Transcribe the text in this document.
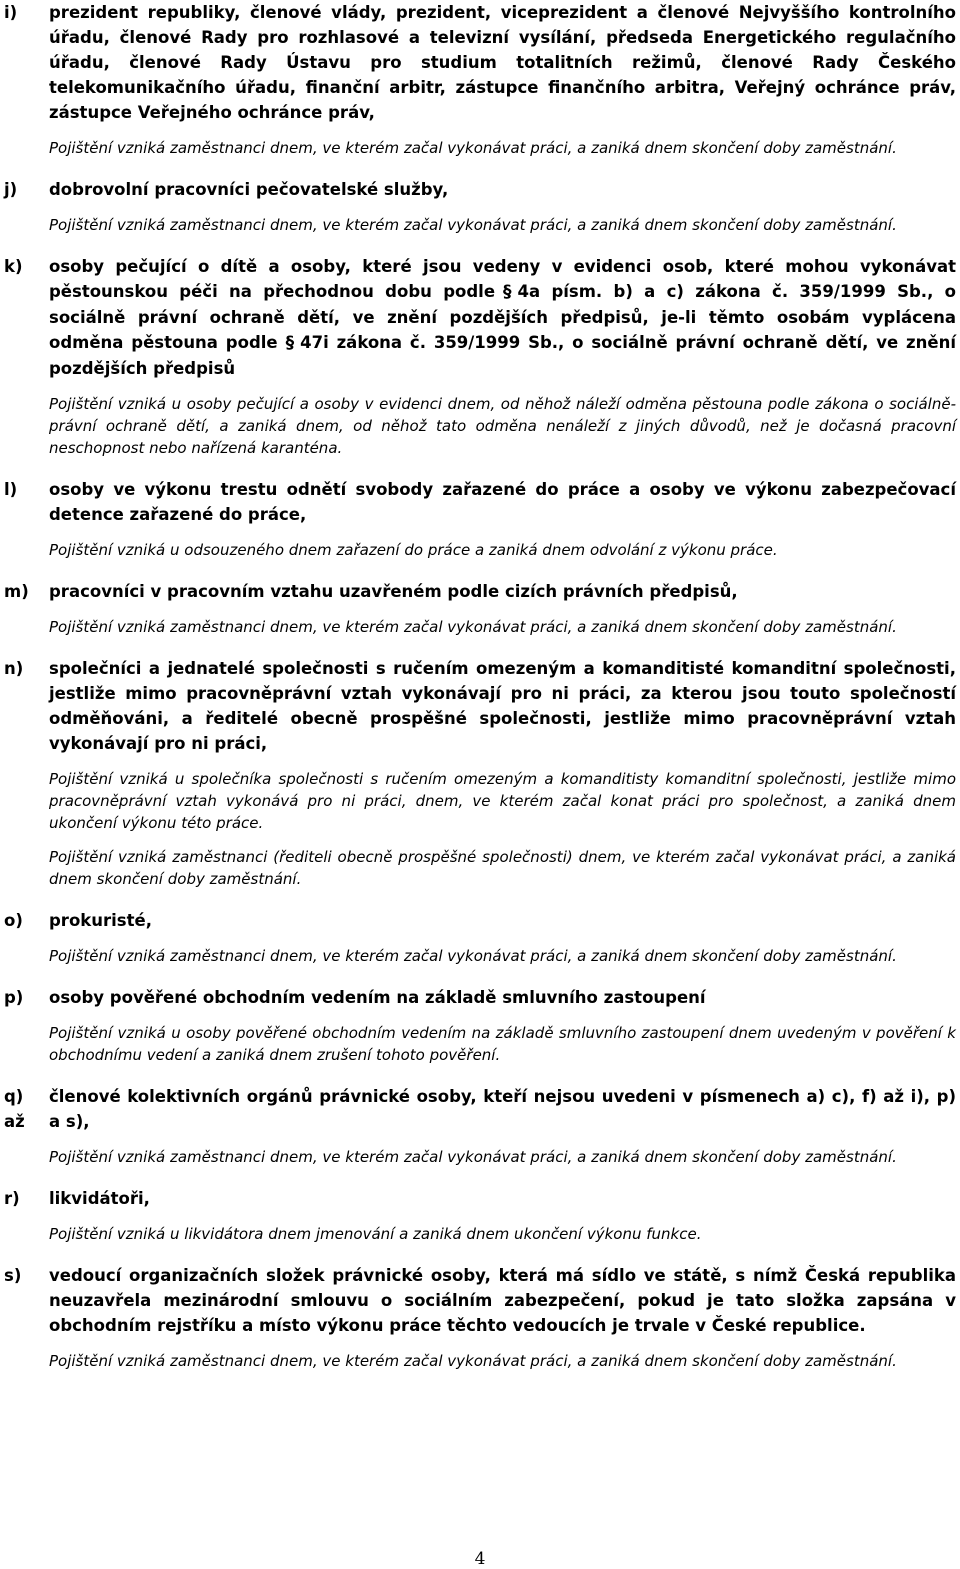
i)	prezident republiky, členové vlády, prezident, viceprezident a členové Nejvyššího kontrolního úřadu, členové Rady pro rozhlasové a televizní vysílání, předseda Energetického regulačního úřadu, členové Rady Ústavu pro studium totalitních režimů, členové Rady Českého telekomunikačního úřadu, finanční arbitr, zástupce finančního arbitra, Veřejný ochránce práv, zástupce Veřejného ochránce práv,

Pojištění vzniká zaměstnanci dnem, ve kterém začal vykonávat práci, a zaniká dnem skončení doby zaměstnání.

j)	dobrovolní pracovníci pečovatelské služby,

Pojištění vzniká zaměstnanci dnem, ve kterém začal vykonávat práci, a zaniká dnem skončení doby zaměstnání.

k)	osoby pečující o dítě a osoby, které jsou vedeny v evidenci osob, které mohou vykonávat pěstounskou péči na přechodnou dobu podle § 4a písm. b) a c) zákona č. 359/1999 Sb., o sociálně právní ochraně dětí, ve znění pozdějších předpisů, je-li těmto osobám vyplácena odměna pěstouna podle § 47i zákona č. 359/1999 Sb., o sociálně právní ochraně dětí, ve znění pozdějších předpisů

Pojištění vzniká u osoby pečující a osoby v evidenci dnem, od něhož náleží odměna pěstouna podle zákona o sociálně-právní ochraně dětí, a zaniká dnem, od něhož tato odměna nenáleží z jiných důvodů, než je dočasná pracovní neschopnost nebo nařízená karanténa.

l)	osoby ve výkonu trestu odnětí svobody zařazené do práce a osoby ve výkonu zabezpečovací detence zařazené do práce,

Pojištění vzniká u odsouzeného dnem zařazení do práce a zaniká dnem odvolání z výkonu práce.

m)	pracovníci v pracovním vztahu uzavřeném podle cizích právních předpisů,

Pojištění vzniká zaměstnanci dnem, ve kterém začal vykonávat práci, a zaniká dnem skončení doby zaměstnání.

n)	společníci a jednatelé společnosti s ručením omezeným a komanditisté komanditní společnosti, jestliže mimo pracovněprávní vztah vykonávají pro ni práci, za kterou jsou touto společností odměňováni, a ředitelé obecně prospěšné společnosti, jestliže mimo pracovněprávní vztah vykonávají pro ni práci,

Pojištění vzniká u společníka společnosti s ručením omezeným a komanditisty komanditní společnosti, jestliže mimo pracovněprávní vztah vykonává pro ni práci, dnem, ve kterém začal konat práci pro společnost, a zaniká dnem ukončení výkonu této práce.

Pojištění vzniká zaměstnanci (řediteli obecně prospěšné společnosti) dnem, ve kterém začal vykonávat práci, a zaniká dnem skončení doby zaměstnání.

o)	prokuristé,

Pojištění vzniká zaměstnanci dnem, ve kterém začal vykonávat práci, a zaniká dnem skončení doby zaměstnání.

p)	osoby pověřené obchodním vedením na základě smluvního zastoupení

Pojištění vzniká u osoby pověřené obchodním vedením na základě smluvního zastoupení dnem uvedeným v pověření k obchodnímu vedení a zaniká dnem zrušení tohoto pověření.

q)
až

členové kolektivních orgánů právnické osoby, kteří nejsou uvedeni v písmenech a) c), f) až i), p) a s),

Pojištění vzniká zaměstnanci dnem, ve kterém začal vykonávat práci, a zaniká dnem skončení doby zaměstnání.

r)	likvidátoři,

Pojištění vzniká u likvidátora dnem jmenování a zaniká dnem ukončení výkonu funkce.

s)	vedoucí organizačních složek právnické osoby, která má sídlo ve státě, s nímž Česká republika neuzavřela mezinárodní smlouvu o sociálním zabezpečení, pokud je tato složka zapsána v obchodním rejstříku a místo výkonu práce těchto vedoucích je trvale v České republice.

Pojištění vzniká zaměstnanci dnem, ve kterém začal vykonávat práci, a zaniká dnem skončení doby zaměstnání.

4
